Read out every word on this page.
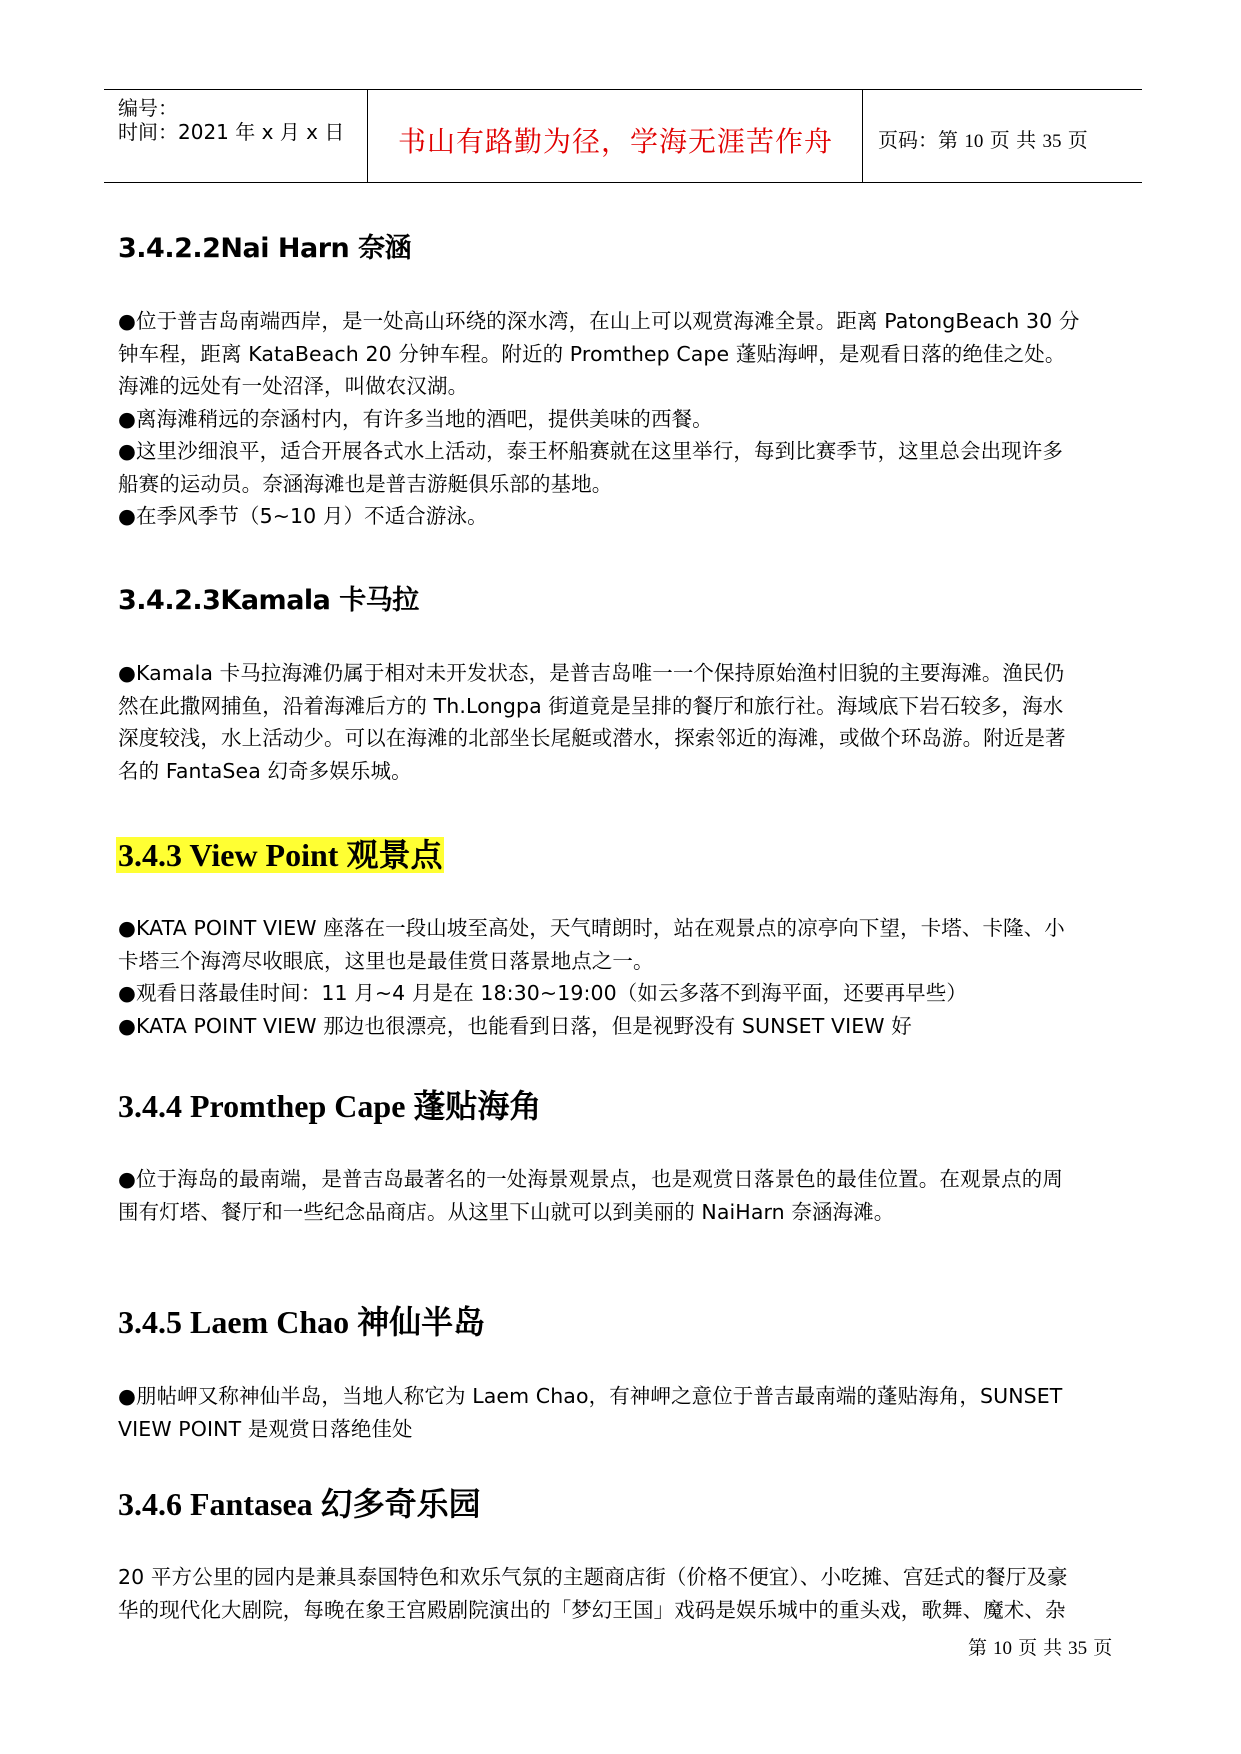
编号：
时间：2021 年 x 月 x 日	书山有路勤为径，学海无涯苦作舟	页码：第 10 页 共 35 页
3.4.2.2Nai Harn 奈涵
●位于普吉岛南端西岸，是一处高山环绕的深水湾，在山上可以观赏海滩全景。距离 PatongBeach 30 分
钟车程，距离 KataBeach 20 分钟车程。附近的 Promthep Cape 蓬贴海岬，是观看日落的绝佳之处。
海滩的远处有一处沼泽，叫做农汉湖。
●离海滩稍远的奈涵村内，有许多当地的酒吧，提供美味的西餐。
●这里沙细浪平，适合开展各式水上活动，泰王杯船赛就在这里举行，每到比赛季节，这里总会出现许多
船赛的运动员。奈涵海滩也是普吉游艇俱乐部的基地。
●在季风季节（5~10 月）不适合游泳。
3.4.2.3Kamala 卡马拉
●Kamala 卡马拉海滩仍属于相对未开发状态，是普吉岛唯一一个保持原始渔村旧貌的主要海滩。渔民仍
然在此撒网捕鱼，沿着海滩后方的 Th.Longpa 街道竟是呈排的餐厅和旅行社。海域底下岩石较多，海水
深度较浅，水上活动少。可以在海滩的北部坐长尾艇或潜水，探索邻近的海滩，或做个环岛游。附近是著
名的 FantaSea 幻奇多娱乐城。
3.4.3 View Point 观景点
●KATA POINT VIEW 座落在一段山坡至高处，天气晴朗时，站在观景点的凉亭向下望，卡塔、卡隆、小
卡塔三个海湾尽收眼底，这里也是最佳赏日落景地点之一。
●观看日落最佳时间：11 月~4 月是在 18:30~19:00（如云多落不到海平面，还要再早些）
●KATA POINT VIEW 那边也很漂亮，也能看到日落，但是视野没有 SUNSET VIEW 好
3.4.4 Promthep Cape 蓬贴海角
●位于海岛的最南端，是普吉岛最著名的一处海景观景点，也是观赏日落景色的最佳位置。在观景点的周
围有灯塔、餐厅和一些纪念品商店。从这里下山就可以到美丽的 NaiHarn 奈涵海滩。
3.4.5 Laem Chao 神仙半岛
●朋帖岬又称神仙半岛，当地人称它为 Laem Chao，有神岬之意位于普吉最南端的蓬贴海角，SUNSET
VIEW POINT 是观赏日落绝佳处
3.4.6 Fantasea 幻多奇乐园
20 平方公里的园内是兼具泰国特色和欢乐气氛的主题商店街（价格不便宜）、小吃摊、宫廷式的餐厅及豪
华的现代化大剧院，每晚在象王宫殿剧院演出的「梦幻王国」戏码是娱乐城中的重头戏，歌舞、魔术、杂
第 10 页 共 35 页
